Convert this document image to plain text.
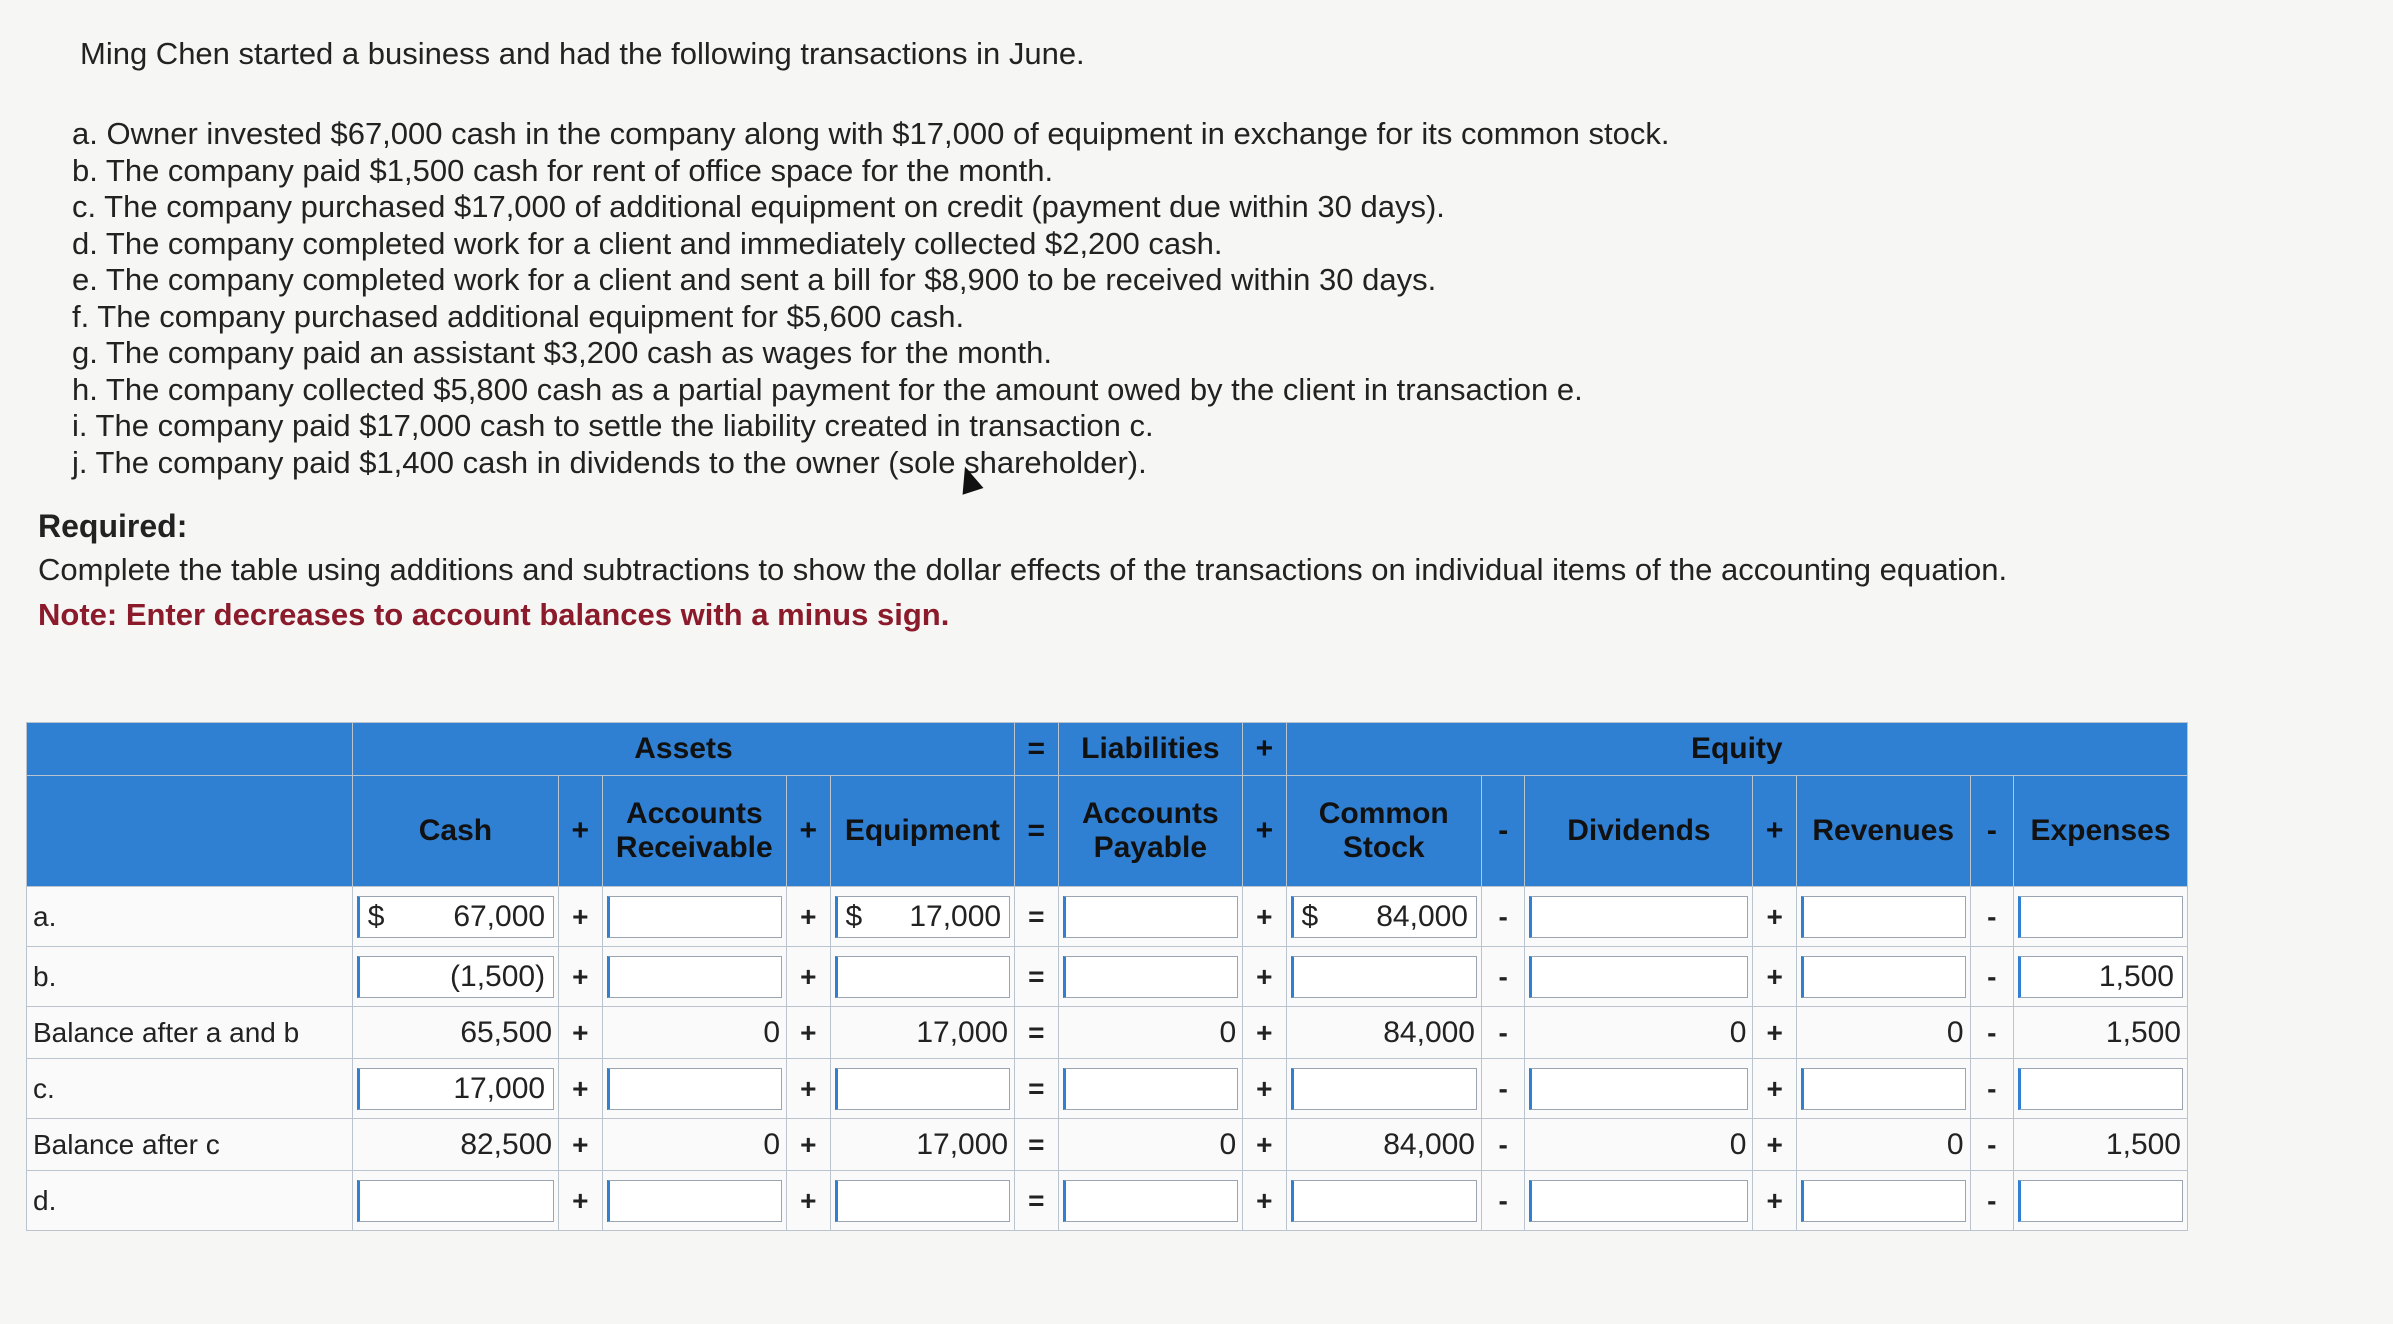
Ming Chen started a business and had the following transactions in June.
a. Owner invested $67,000 cash in the company along with $17,000 of equipment in exchange for its common stock.
b. The company paid $1,500 cash for rent of office space for the month.
c. The company purchased $17,000 of additional equipment on credit (payment due within 30 days).
d. The company completed work for a client and immediately collected $2,200 cash.
e. The company completed work for a client and sent a bill for $8,900 to be received within 30 days.
f. The company purchased additional equipment for $5,600 cash.
g. The company paid an assistant $3,200 cash as wages for the month.
h. The company collected $5,800 cash as a partial payment for the amount owed by the client in transaction e.
i. The company paid $17,000 cash to settle the liability created in transaction c.
j. The company paid $1,400 cash in dividends to the owner (sole shareholder).

Required:

Complete the table using additions and subtractions to show the dollar effects of the transactions on individual items of the accounting equation.

Note: Enter decreases to account balances with a minus sign.
	Assets					=	Liabilities	+	Equity						
	Cash	+	Accounts Receivable	+	Equipment	=	Accounts Payable	+	Common Stock	-	Dividends	+	Revenues	-	Expenses
a.	$ 67,000	+		+	$ 17,000	=		+	$ 84,000	-		+		-	

b.	(1,500)	+		+		=		+		-		+		-	1,500

Balance after a and b	65,500	+	0	+	17,000	=	0	+	84,000	-	0	+	0	-	1,500
c.	17,000	+		+		=		+		-		+		-	

Balance after c	82,500	+	0	+	17,000	=	0	+	84,000	-	0	+	0	-	1,500
d.		+		+		=		+		-		+		-	
